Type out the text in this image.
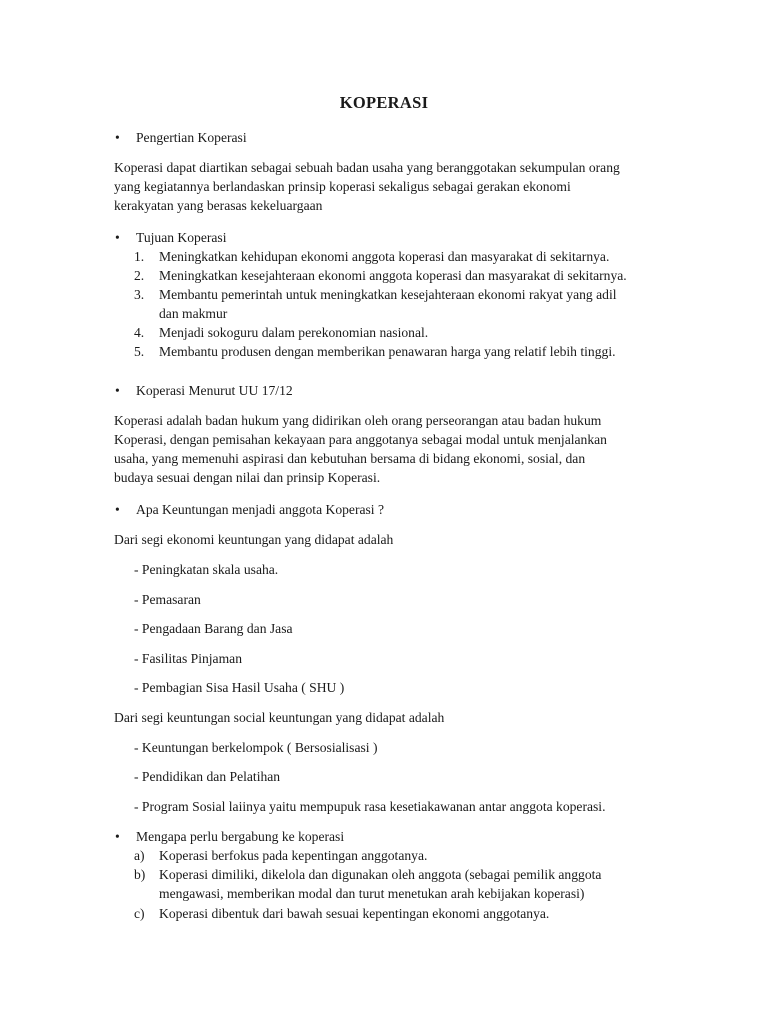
KOPERASI
• Pengertian Koperasi

Koperasi dapat diartikan sebagai sebuah badan usaha yang beranggotakan sekumpulan orang

yang kegiatannya berlandaskan prinsip koperasi sekaligus sebagai gerakan ekonomi

kerakyatan yang berasas kekeluargaan

• Tujuan Koperasi
1.	Meningkatkan kehidupan ekonomi anggota koperasi dan masyarakat di sekitarnya.
2.	Meningkatkan kesejahteraan ekonomi anggota koperasi dan masyarakat di sekitarnya.
3.	Membantu pemerintah untuk meningkatkan kesejahteraan ekonomi rakyat yang adil
dan makmur
4.	Menjadi sokoguru dalam perekonomian nasional.
5.	Membantu produsen dengan memberikan penawaran harga yang relatif lebih tinggi.
• Koperasi Menurut UU 17/12

Koperasi adalah badan hukum yang didirikan oleh orang perseorangan atau badan hukum

Koperasi, dengan pemisahan kekayaan para anggotanya sebagai modal untuk menjalankan

usaha, yang memenuhi aspirasi dan kebutuhan bersama di bidang ekonomi, sosial, dan

budaya sesuai dengan nilai dan prinsip Koperasi.

• Apa Keuntungan menjadi anggota Koperasi ?
Dari segi ekonomi keuntungan yang didapat adalah
- Peningkatan skala usaha.
- Pemasaran
- Pengadaan Barang dan Jasa
- Fasilitas Pinjaman
- Pembagian Sisa Hasil Usaha ( SHU )
Dari segi keuntungan social keuntungan yang didapat adalah
- Keuntungan berkelompok ( Bersosialisasi )
- Pendidikan dan Pelatihan
- Program Sosial laiinya yaitu mempupuk rasa kesetiakawanan antar anggota koperasi.
• Mengapa perlu bergabung ke koperasi
a)	Koperasi berfokus pada kepentingan anggotanya.
b)	Koperasi dimiliki, dikelola dan digunakan oleh anggota (sebagai pemilik anggota
mengawasi, memberikan modal dan turut menetukan arah kebijakan koperasi)
c)	Koperasi dibentuk dari bawah sesuai kepentingan ekonomi anggotanya.
